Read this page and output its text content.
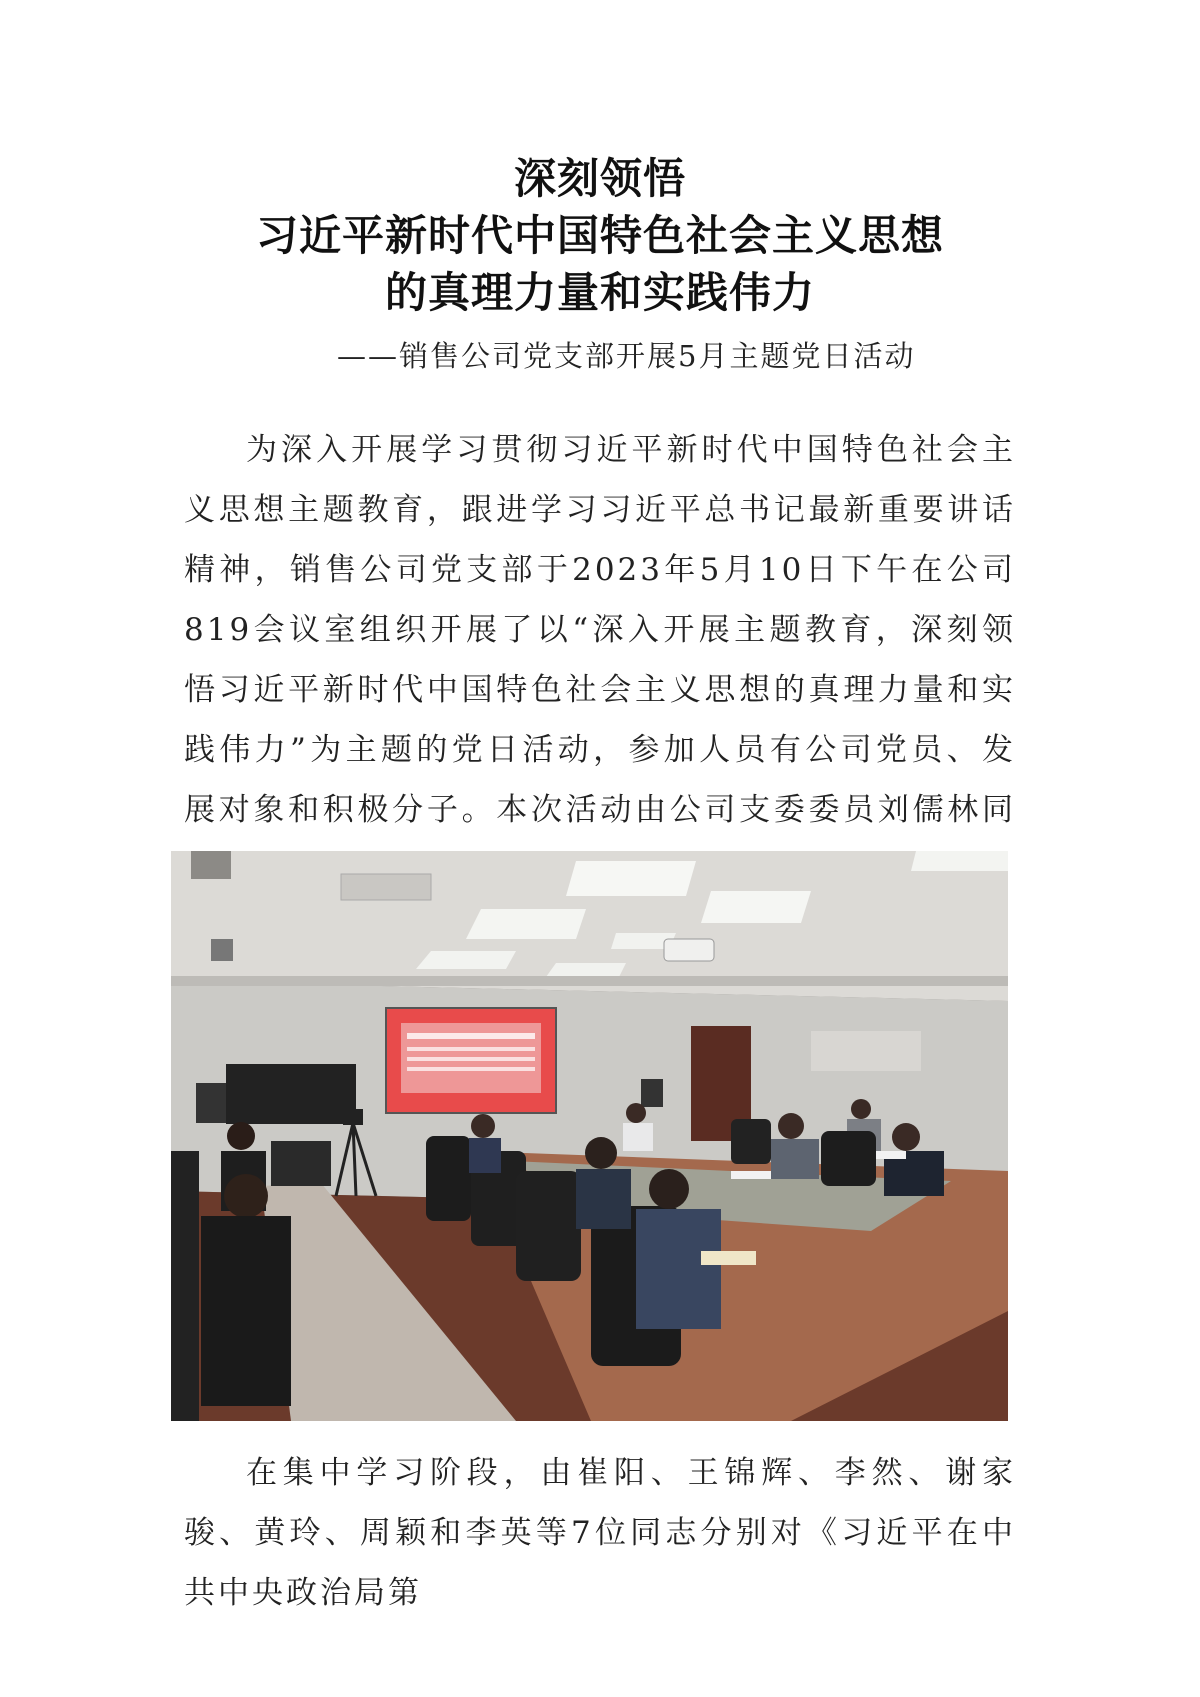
深刻领悟
习近平新时代中国特色社会主义思想
的真理力量和实践伟力
——销售公司党支部开展5月主题党日活动

为深入开展学习贯彻习近平新时代中国特色社会主义思想主题教育，跟进学习习近平总书记最新重要讲话精神，销售公司党支部于2023年5月10日下午在公司819会议室组织开展了以“深入开展主题教育，深刻领悟习近平新时代中国特色社会主义思想的真理力量和实践伟力”为主题的党日活动，参加人员有公司党员、发展对象和积极分子。本次活动由公司支委委员刘儒林同

在集中学习阶段，由崔阳、王锦辉、李然、谢家骏、黄玲、周颖和李英等7位同志分别对《习近平在中共中央政治局第
